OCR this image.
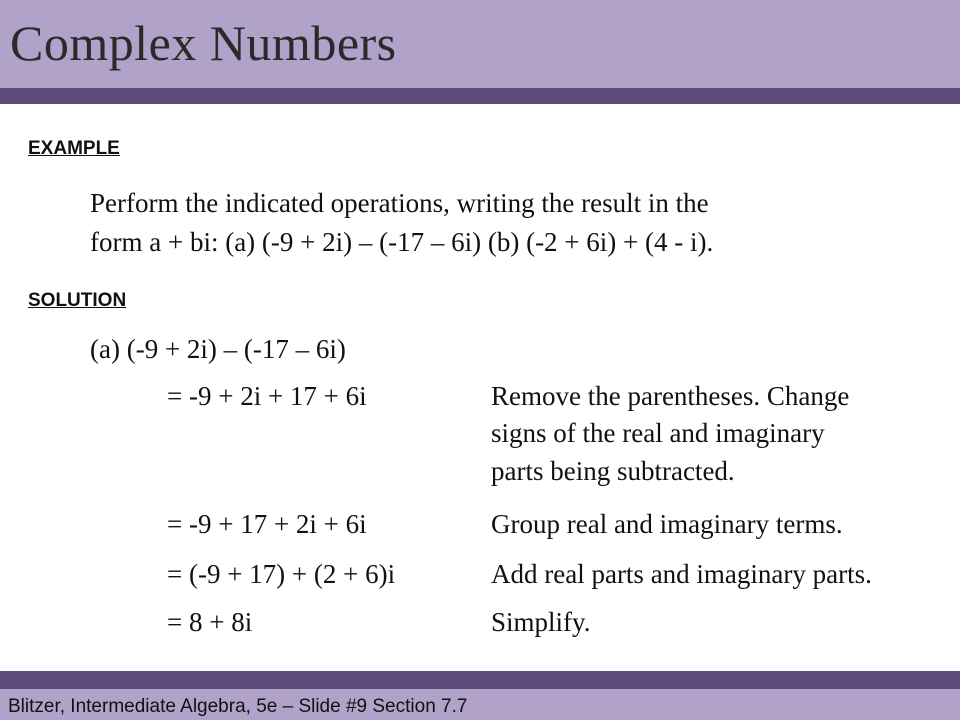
Complex Numbers
EXAMPLE
Perform the indicated operations, writing the result in the
form a + bi: (a) (-9 + 2i) – (-17 – 6i) (b) (-2 + 6i) + (4 - i).
SOLUTION
(a) (-9 + 2i) – (-17 – 6i)
= -9 + 2i + 17 + 6i	Remove the parentheses. Change
signs of the real and imaginary
parts being subtracted.
= -9 + 17 + 2i + 6i	Group real and imaginary terms.
= (-9 + 17) + (2 + 6)i	Add real parts and imaginary parts.
= 8 + 8i	Simplify.
Blitzer, Intermediate Algebra, 5e – Slide #9 Section 7.7
